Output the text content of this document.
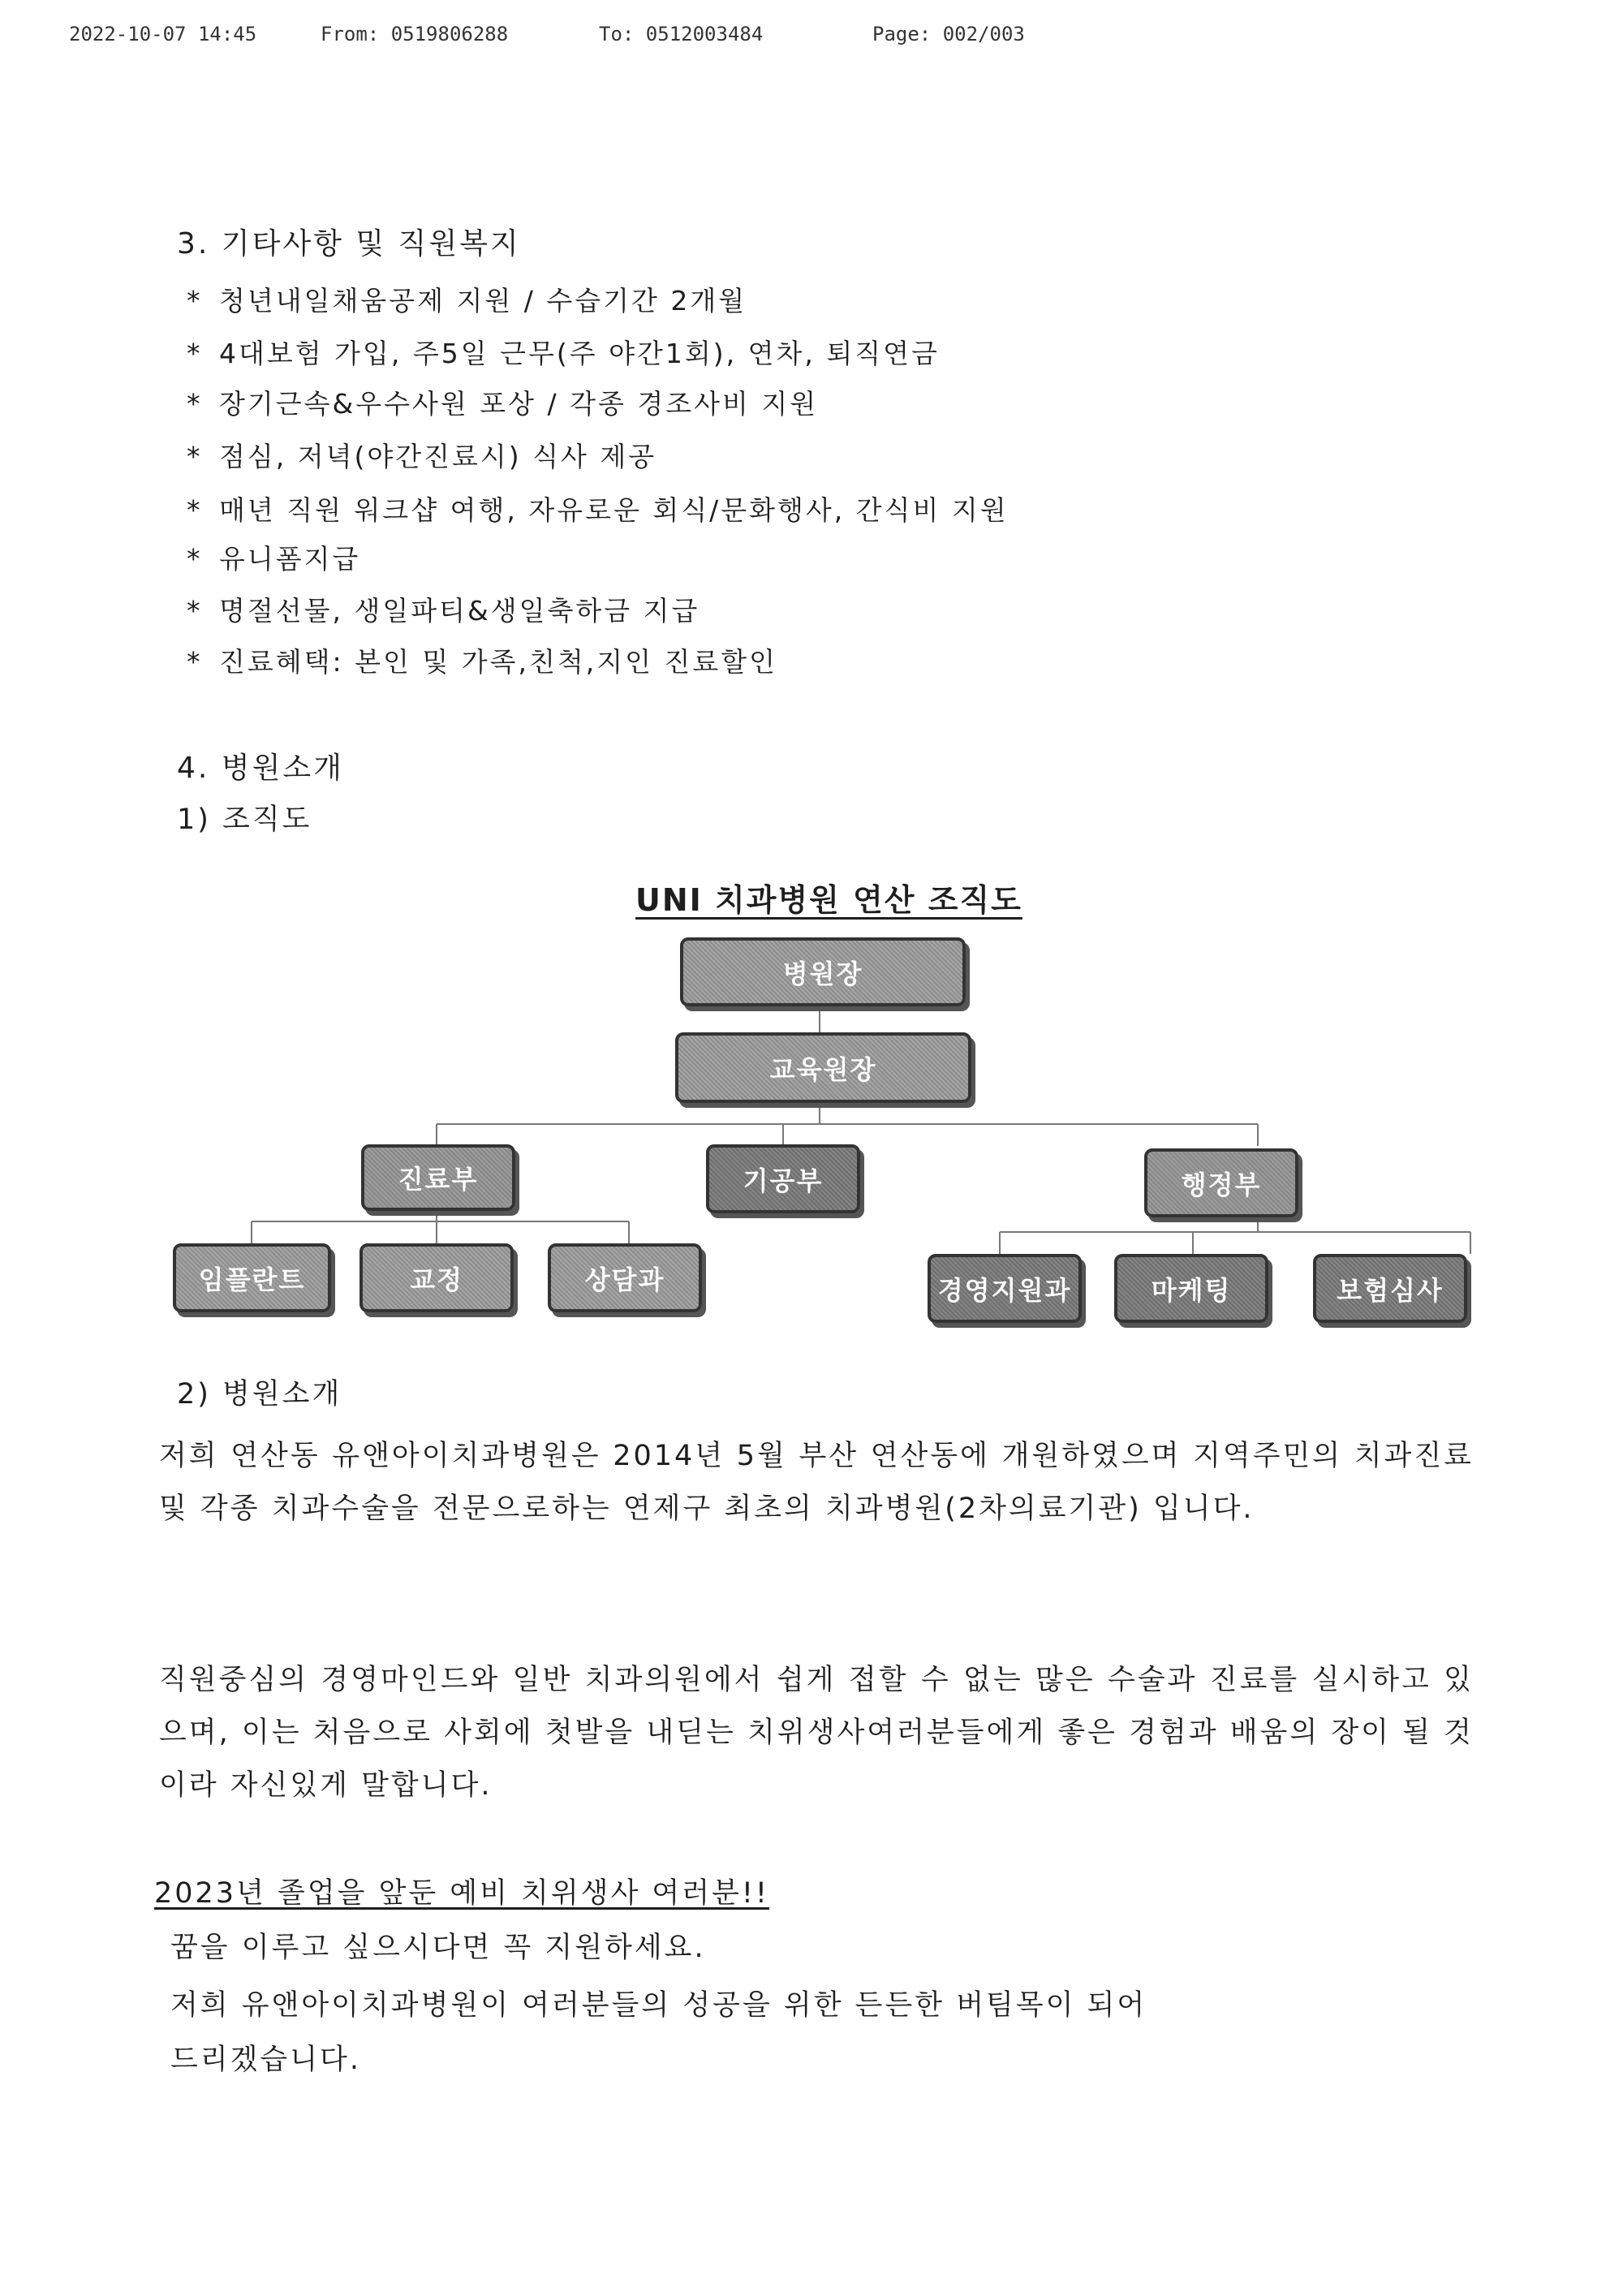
2022-10-07 14:45	From: 0519806288	To: 0512003484	Page: 002/003
3. 기타사항 및 직원복지
* 청년내일채움공제 지원 / 수습기간 2개월
* 4대보험 가입, 주5일 근무(주 야간1회), 연차, 퇴직연금
* 장기근속&우수사원 포상 / 각종 경조사비 지원
* 점심, 저녁(야간진료시) 식사 제공
* 매년 직원 워크샵 여행, 자유로운 회식/문화행사, 간식비 지원
* 유니폼지급
* 명절선물, 생일파티&생일축하금 지급
* 진료혜택: 본인 및 가족,친척,지인 진료할인
4. 병원소개
1) 조직도
UNI 치과병원 연산 조직도
병원장
교육원장
진료부	기공부	행정부
임플란트	교정	상담과	경영지원과	마케팅	보험심사
2) 병원소개
저희 연산동 유앤아이치과병원은 2014년 5월 부산 연산동에 개원하였으며 지역주민의 치과진료 및 각종 치과수술을 전문으로하는 연제구 최초의 치과병원(2차의료기관) 입니다.
직원중심의 경영마인드와 일반 치과의원에서 쉽게 접할 수 없는 많은 수술과 진료를 실시하고 있으며, 이는 처음으로 사회에 첫발을 내딛는 치위생사여러분들에게 좋은 경험과 배움의 장이 될 것이라 자신있게 말합니다.
2023년 졸업을 앞둔 예비 치위생사 여러분!!
꿈을 이루고 싶으시다면 꼭 지원하세요.
저희 유앤아이치과병원이 여러분들의 성공을 위한 든든한 버팀목이 되어
드리겠습니다.
